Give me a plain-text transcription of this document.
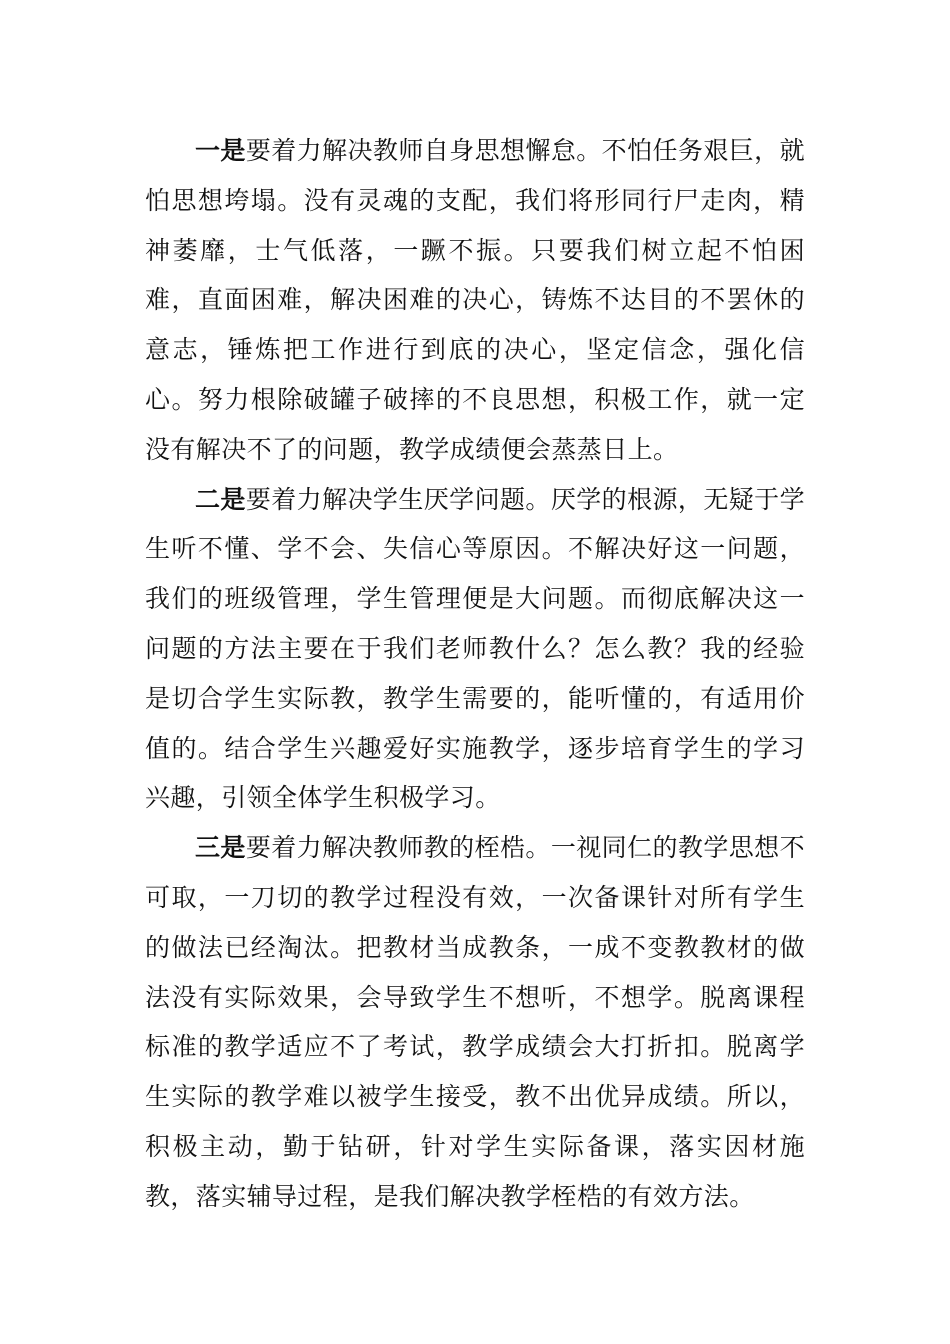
一是要着力解决教师自身思想懈怠。不怕任务艰巨，就怕思想垮塌。没有灵魂的支配，我们将形同行尸走肉，精神萎靡，士气低落，一蹶不振。只要我们树立起不怕困难，直面困难，解决困难的决心，铸炼不达目的不罢休的意志，锤炼把工作进行到底的决心，坚定信念，强化信心。努力根除破罐子破摔的不良思想，积极工作，就一定没有解决不了的问题，教学成绩便会蒸蒸日上。

二是要着力解决学生厌学问题。厌学的根源，无疑于学生听不懂、学不会、失信心等原因。不解决好这一问题，我们的班级管理，学生管理便是大问题。而彻底解决这一问题的方法主要在于我们老师教什么？怎么教？我的经验是切合学生实际教，教学生需要的，能听懂的，有适用价值的。结合学生兴趣爱好实施教学，逐步培育学生的学习兴趣，引领全体学生积极学习。

三是要着力解决教师教的桎梏。一视同仁的教学思想不可取，一刀切的教学过程没有效，一次备课针对所有学生的做法已经淘汰。把教材当成教条，一成不变教教材的做法没有实际效果，会导致学生不想听，不想学。脱离课程标准的教学适应不了考试，教学成绩会大打折扣。脱离学生实际的教学难以被学生接受，教不出优异成绩。所以，积极主动，勤于钻研，针对学生实际备课，落实因材施教，落实辅导过程，是我们解决教学桎梏的有效方法。
